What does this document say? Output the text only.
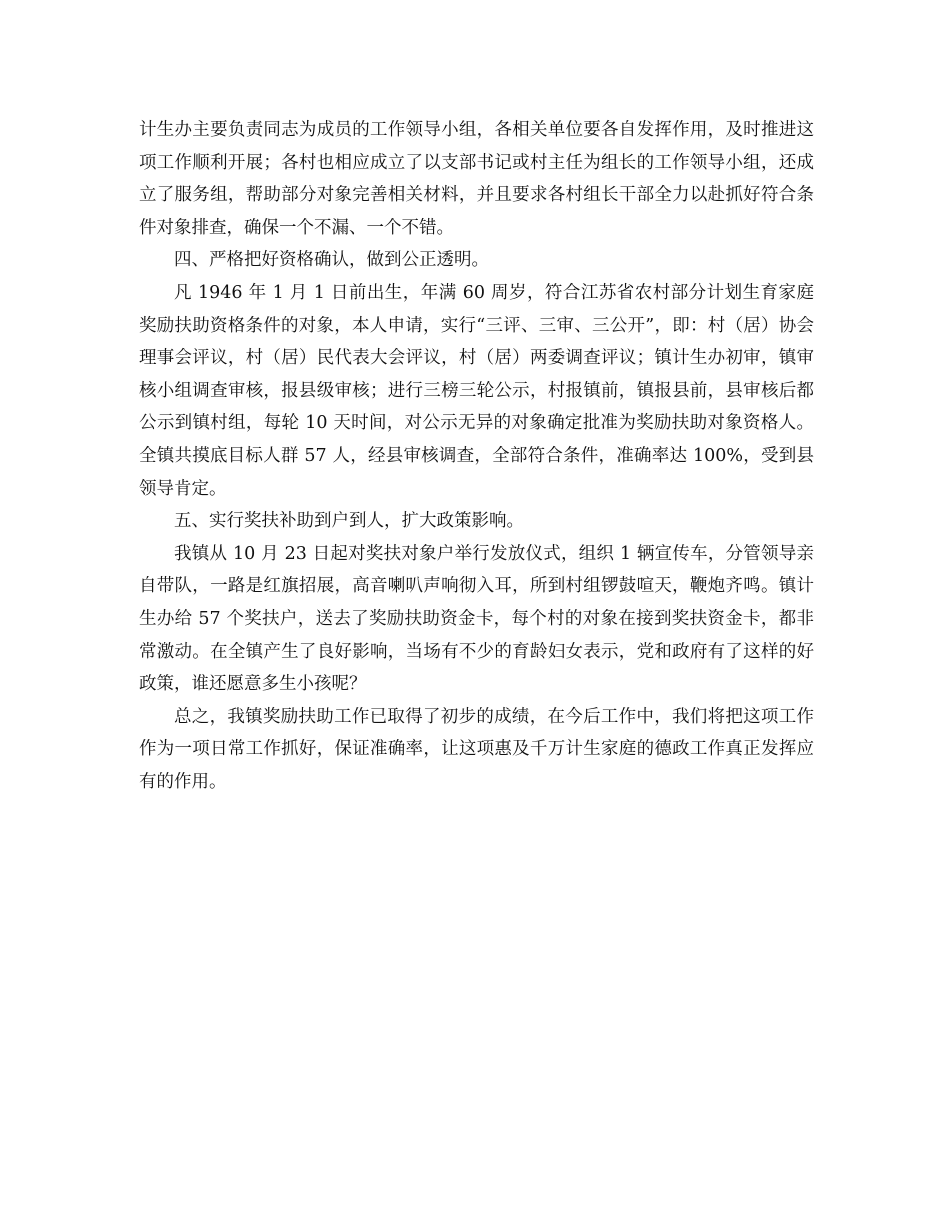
计生办主要负责同志为成员的工作领导小组，各相关单位要各自发挥作用，及时推进这项工作顺利开展；各村也相应成立了以支部书记或村主任为组长的工作领导小组，还成立了服务组，帮助部分对象完善相关材料，并且要求各村组长干部全力以赴抓好符合条件对象排查，确保一个不漏、一个不错。

四、严格把好资格确认，做到公正透明。

凡 1946 年 1 月 1 日前出生，年满 60 周岁，符合江苏省农村部分计划生育家庭奖励扶助资格条件的对象，本人申请，实行“三评、三审、三公开”，即：村（居）协会理事会评议，村（居）民代表大会评议，村（居）两委调查评议；镇计生办初审，镇审核小组调查审核，报县级审核；进行三榜三轮公示，村报镇前，镇报县前，县审核后都公示到镇村组，每轮 10 天时间，对公示无异的对象确定批准为奖励扶助对象资格人。全镇共摸底目标人群 57 人，经县审核调查，全部符合条件，准确率达 100%，受到县领导肯定。

五、实行奖扶补助到户到人，扩大政策影响。

我镇从 10 月 23 日起对奖扶对象户举行发放仪式，组织 1 辆宣传车，分管领导亲自带队，一路是红旗招展，高音喇叭声响彻入耳，所到村组锣鼓喧天，鞭炮齐鸣。镇计生办给 57 个奖扶户，送去了奖励扶助资金卡，每个村的对象在接到奖扶资金卡，都非常激动。在全镇产生了良好影响，当场有不少的育龄妇女表示，党和政府有了这样的好政策，谁还愿意多生小孩呢？

总之，我镇奖励扶助工作已取得了初步的成绩，在今后工作中，我们将把这项工作作为一项日常工作抓好，保证准确率，让这项惠及千万计生家庭的德政工作真正发挥应有的作用。
